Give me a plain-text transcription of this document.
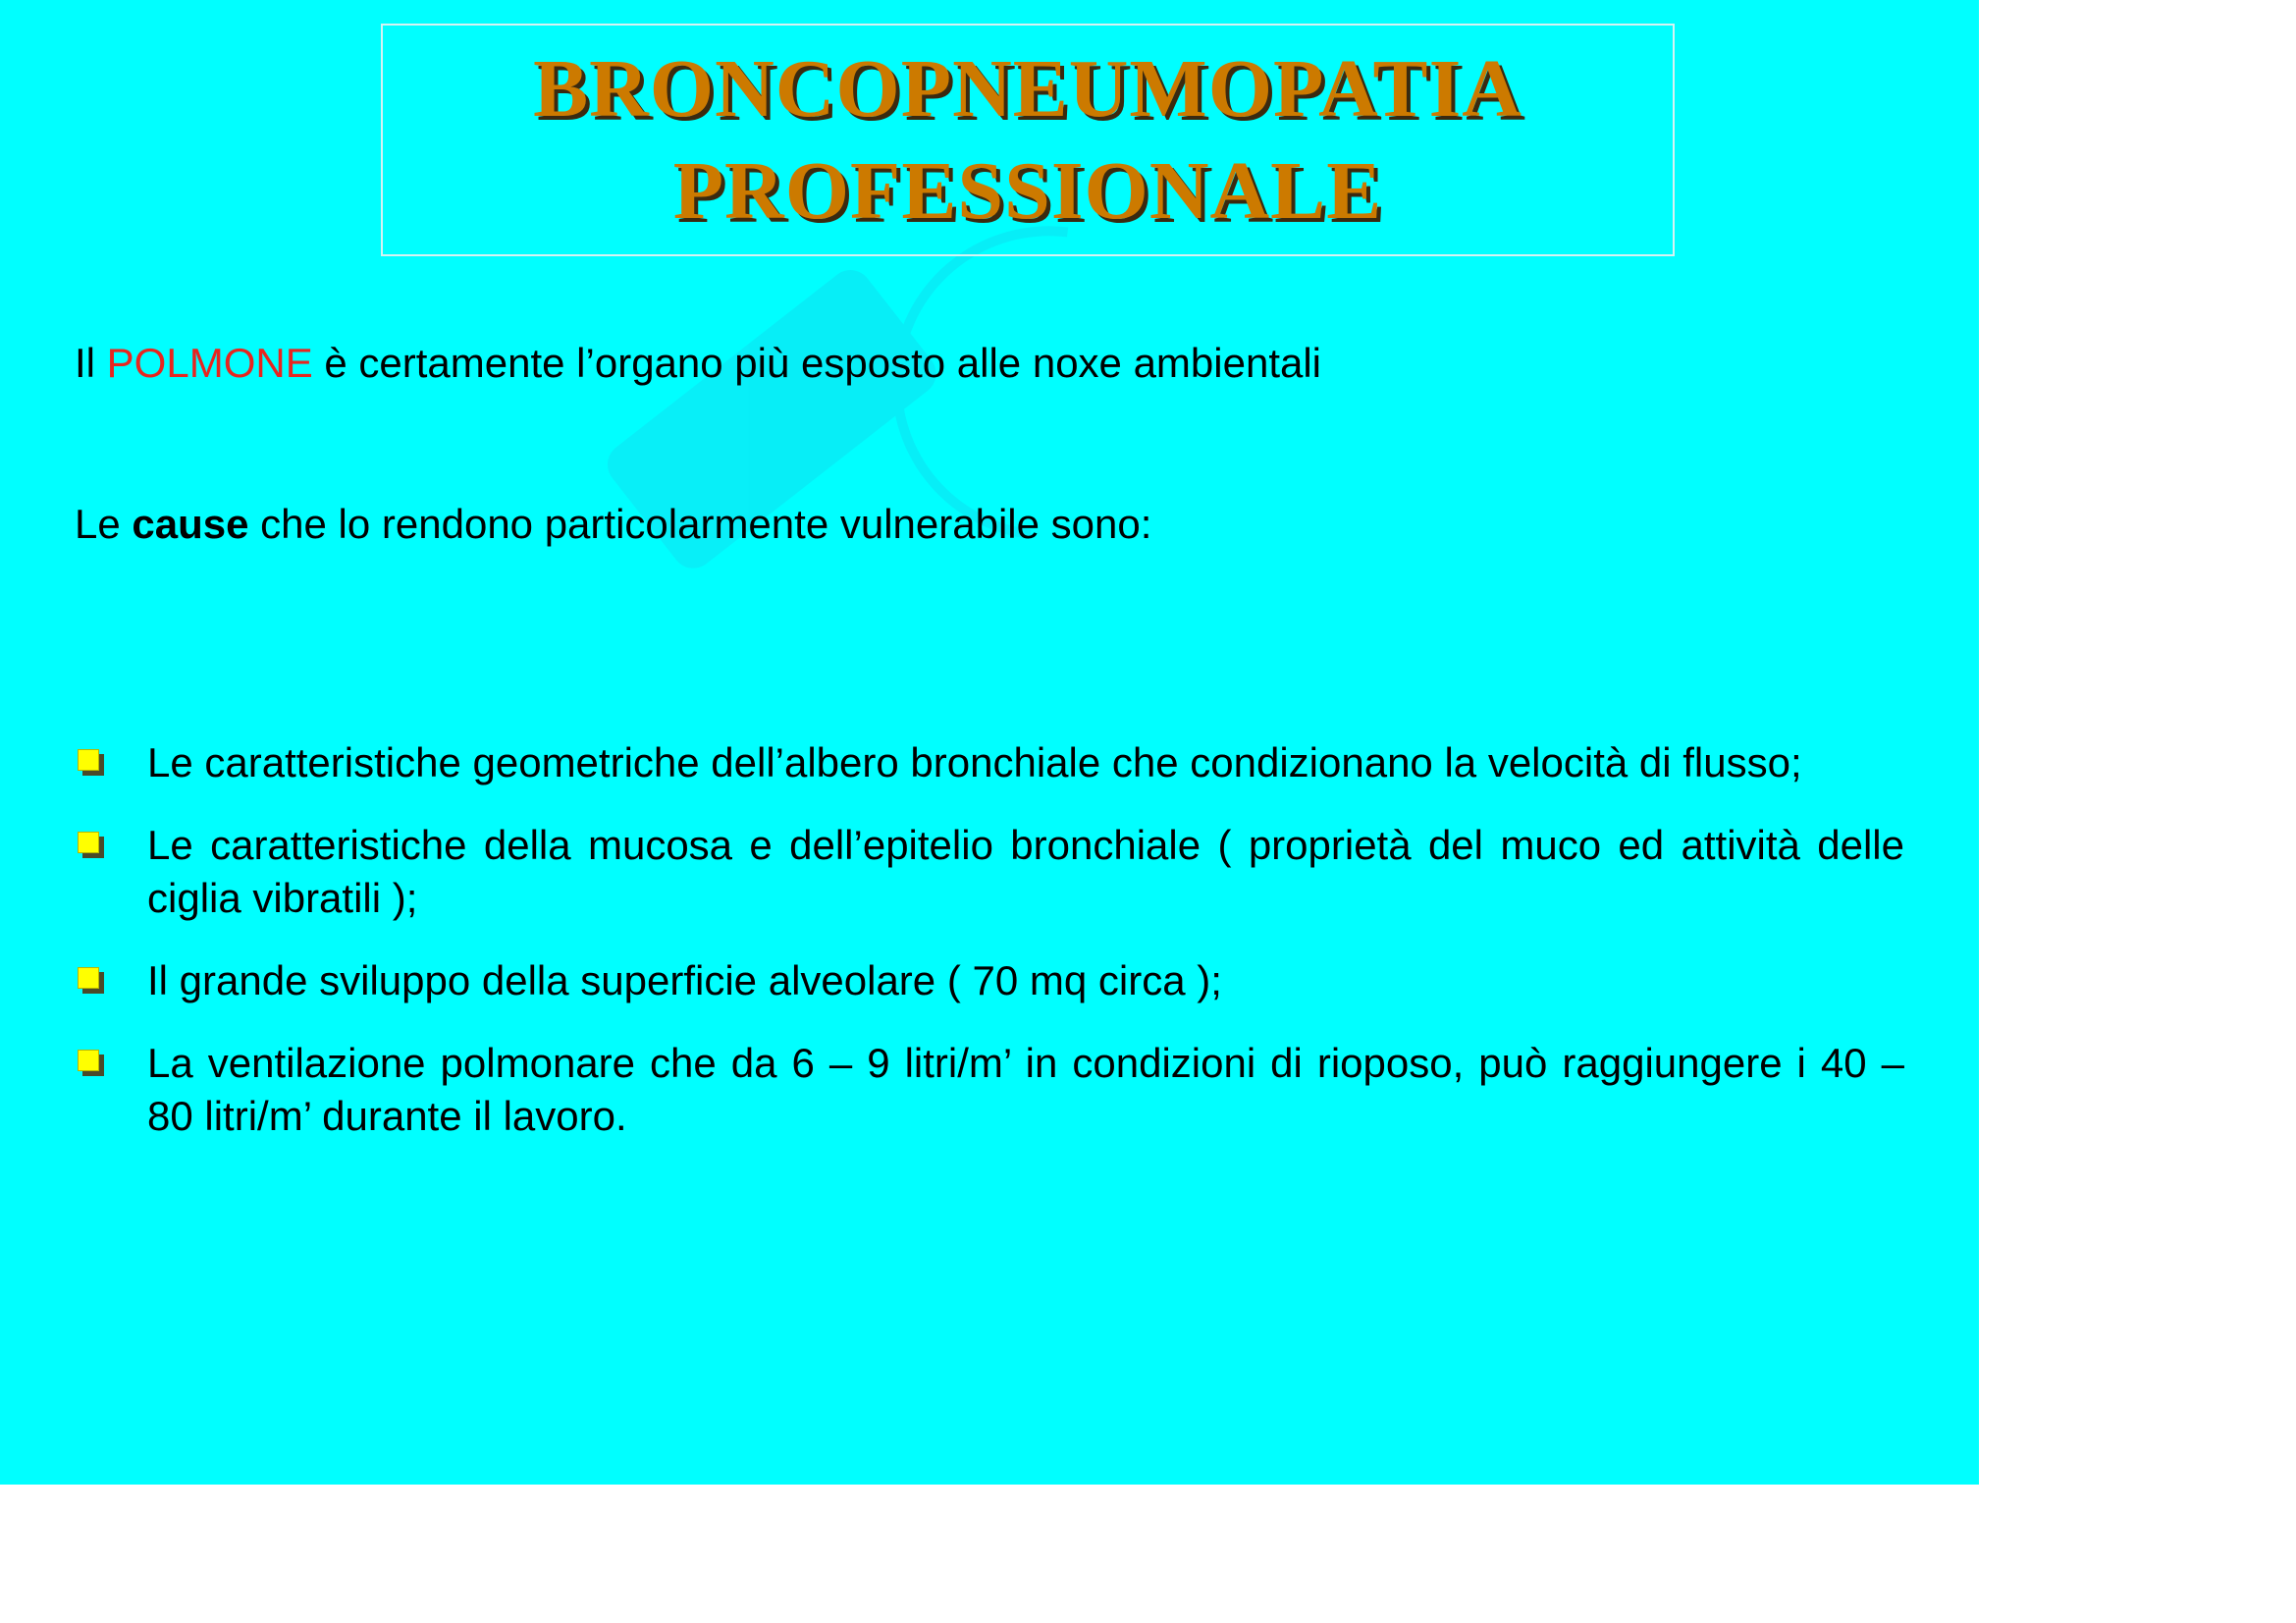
BRONCOPNEUMOPATIA
PROFESSIONALE

Il POLMONE è certamente l’organo più esposto alle noxe ambientali

Le cause che lo rendono particolarmente vulnerabile sono:

Le caratteristiche geometriche dell’albero bronchiale che condizionano la velocità di flusso;
Le caratteristiche della mucosa e dell’epitelio bronchiale ( proprietà del muco ed attività delle ciglia vibratili );
Il grande sviluppo della superficie alveolare ( 70 mq circa );
La ventilazione polmonare che da 6 – 9 litri/m’ in condizioni di rioposo, può raggiungere i 40 – 80 litri/m’ durante il lavoro.
